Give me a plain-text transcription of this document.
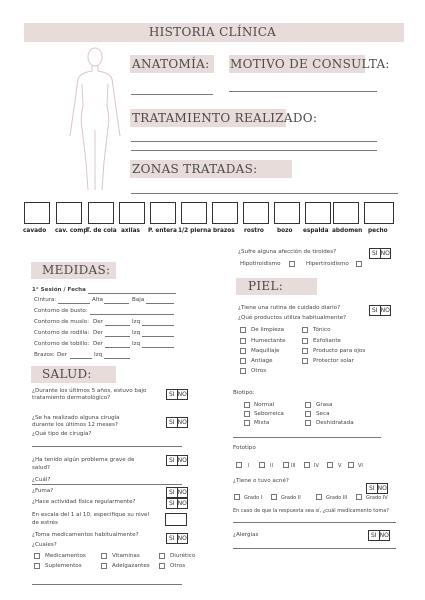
HISTORIA CLÍNICA
ANATOMÍA: MOTIVO DE CONSULTA:
TRATAMIENTO REALIZADO:
ZONAS TRATADAS:
cavado cav. comp
T. de cola axilas P. entera 1/2 pierna brazos rostro bozo espalda abdomen pecho
MEDIDAS:
1° Sesión / Fecha
Cintura:	Alta	Baja
Contorno de busto:
Contorno de muslo: Der	Izq
Contorno de rodilla: Der	Izq
Contorno de tobillo: Der	Izq
Brazos: Der	Izq
¿Sufre alguna afección de tiroides?	SI NO
Hipotiroidismo	Hipertiroidismo
PIEL:
¿Tiene una rutina de cuidado diario?	SI NO
¿Qué productos utiliza habitualmente?
De limpieza	Tónico
Humectante	Exfoliante
Maquillaje	Producto para ojos
Antiage	Protector solar
Otros
Biotipo:
Normal	Grasa
Seborreica	Seca
Mixta	Deshidratada
Fototipo
I	II	III	IV	V	VI
¿Tiene o tuvo acné?
SI NO
Grado I	Grado II	Grado III	Grado IV
En caso de que la respuesta sea sí, ¿cuál medicamento toma?
¿Alergias	SI NO
SALUD:
¿Durante los últimos 5 años, estuvo bajo tratamiento dermatológico?	SI NO
¿Se ha realizado alguna cirugía durante los últimos 12 meses?	SI NO
¿Qué tipo de cirugía?
¿Ha tenido algún problema grave de salud?
SI NO
¿Cuál?
¿Fuma?	SI NO
¿Hace actividad física regularmente?	SI NO
En escala del 1 al 10, especifique su nivel de estrés
¿Toma medicamentos habitualmente?	SI NO
¿Cuales?
Medicamentos	Vitaminas	Diurético
Suplementos	Adelgazantes	Otros
